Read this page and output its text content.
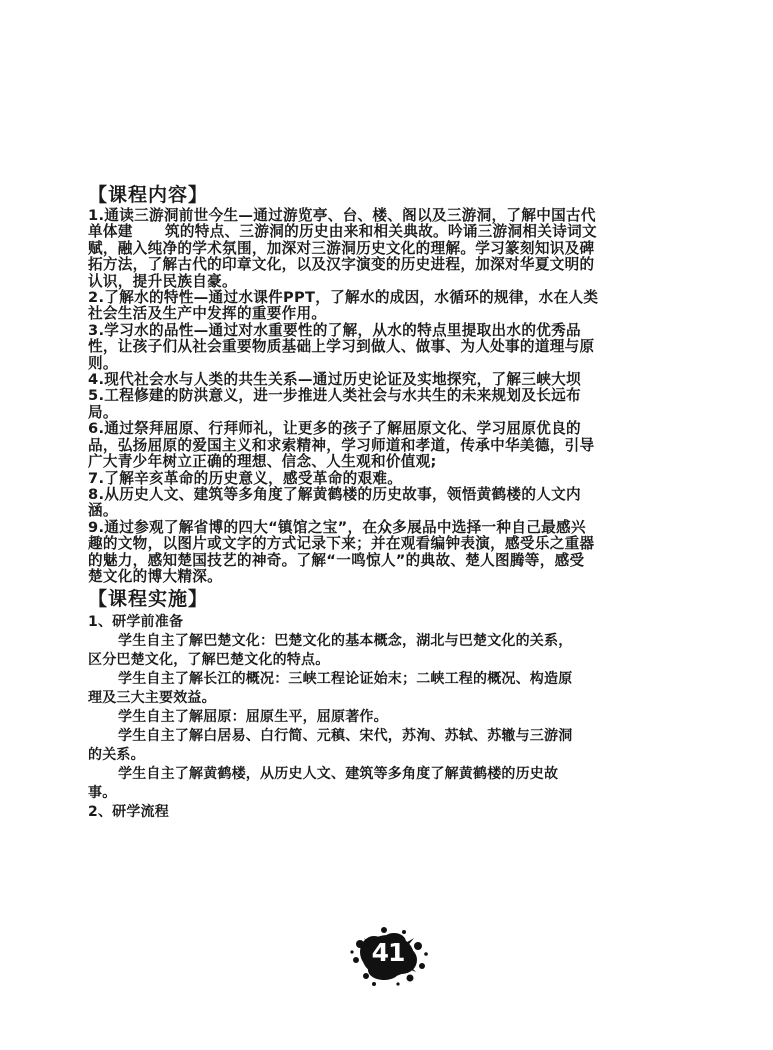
【课程内容】
1.通读三游洞前世今生—通过游览亭、台、楼、阁以及三游洞，了解中国古代
单体建      筑的特点、三游洞的历史由来和相关典故。吟诵三游洞相关诗词文
赋，融入纯净的学术氛围，加深对三游洞历史文化的理解。学习篆刻知识及碑
拓方法，了解古代的印章文化，以及汉字演变的历史进程，加深对华夏文明的
认识，提升民族自豪。
2.了解水的特性—通过水课件PPT，了解水的成因，水循环的规律，水在人类
社会生活及生产中发挥的重要作用。
3.学习水的品性—通过对水重要性的了解，从水的特点里提取出水的优秀品
性，让孩子们从社会重要物质基础上学习到做人、做事、为人处事的道理与原
则。
4.现代社会水与人类的共生关系—通过历史论证及实地探究，了解三峡大坝
5.工程修建的防洪意义，进一步推进人类社会与水共生的未来规划及长远布
局。
6.通过祭拜屈原、行拜师礼，让更多的孩子了解屈原文化、学习屈原优良的
品，弘扬屈原的爱国主义和求索精神，学习师道和孝道，传承中华美德，引导
广大青少年树立正确的理想、信念、人生观和价值观;
7.了解辛亥革命的历史意义，感受革命的艰难。
8.从历史人文、建筑等多角度了解黄鹤楼的历史故事，领悟黄鹤楼的人文内
涵。
9.通过参观了解省博的四大“镇馆之宝”，在众多展品中选择一种自己最感兴
趣的文物，以图片或文字的方式记录下来；并在观看编钟表演，感受乐之重器
的魅力，感知楚国技艺的神奇。了解“一鸣惊人”的典故、楚人图腾等，感受
楚文化的博大精深。
【课程实施】
1、研学前准备
学生自主了解巴楚文化：巴楚文化的基本概念，湖北与巴楚文化的关系，
区分巴楚文化，了解巴楚文化的特点。
学生自主了解长江的概况：三峡工程论证始末；二峡工程的概况、构造原
理及三大主要效益。
学生自主了解屈原：屈原生平，屈原著作。
学生自主了解白居易、白行简、元稹、宋代，苏洵、苏轼、苏辙与三游洞
的关系。
学生自主了解黄鹤楼，从历史人文、建筑等多角度了解黄鹤楼的历史故
事。
2、研学流程
41
